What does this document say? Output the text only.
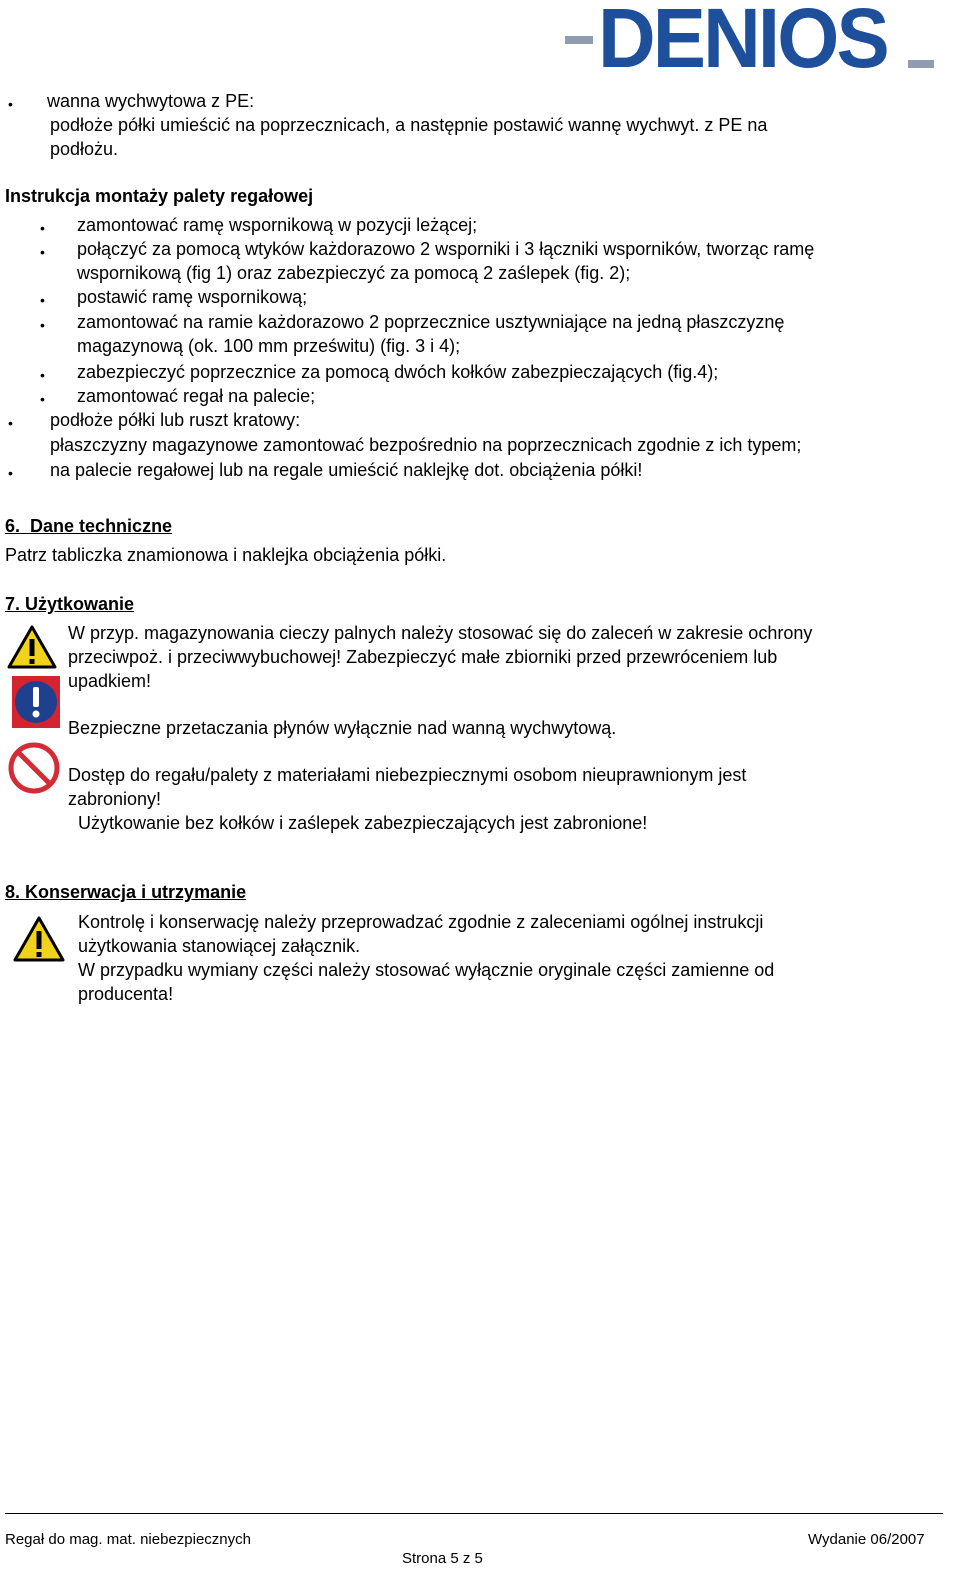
DENIOS
• wanna wychwytowa z PE:
podłoże półki umieścić na poprzecznicach, a następnie postawić wannę wychwyt. z PE na
podłożu.
Instrukcja montaży palety regałowej
• zamontować ramę wspornikową w pozycji leżącej;
• połączyć za pomocą wtyków każdorazowo 2 wsporniki i 3 łączniki wsporników, tworząc ramę
wspornikową (fig 1) oraz zabezpieczyć za pomocą 2 zaślepek (fig. 2);
• postawić ramę wspornikową;
• zamontować na ramie każdorazowo 2 poprzecznice usztywniające na jedną płaszczyznę
magazynową (ok. 100 mm prześwitu) (fig. 3 i 4);
• zabezpieczyć poprzecznice za pomocą dwóch kołków zabezpieczających (fig.4);
• zamontować regał na palecie;
• podłoże półki lub ruszt kratowy:
płaszczyzny magazynowe zamontować bezpośrednio na poprzecznicach zgodnie z ich typem;
• na palecie regałowej lub na regale umieścić naklejkę dot. obciążenia półki!
6. Dane techniczne
Patrz tabliczka znamionowa i naklejka obciążenia półki.
7. Użytkowanie
W przyp. magazynowania cieczy palnych należy stosować się do zaleceń w zakresie ochrony
przeciwpoż. i przeciwwybuchowej! Zabezpieczyć małe zbiorniki przed przewróceniem lub
upadkiem!
Bezpieczne przetaczania płynów wyłącznie nad wanną wychwytową.
Dostęp do regału/palety z materiałami niebezpiecznymi osobom nieuprawnionym jest
zabroniony!
Użytkowanie bez kołków i zaślepek zabezpieczających jest zabronione!
8. Konserwacja i utrzymanie
Kontrolę i konserwację należy przeprowadzać zgodnie z zaleceniami ogólnej instrukcji
użytkowania stanowiącej załącznik.
W przypadku wymiany części należy stosować wyłącznie oryginale części zamienne od
producenta!
Regał do mag. mat. niebezpiecznych	Wydanie 06/2007
Strona 5 z 5
